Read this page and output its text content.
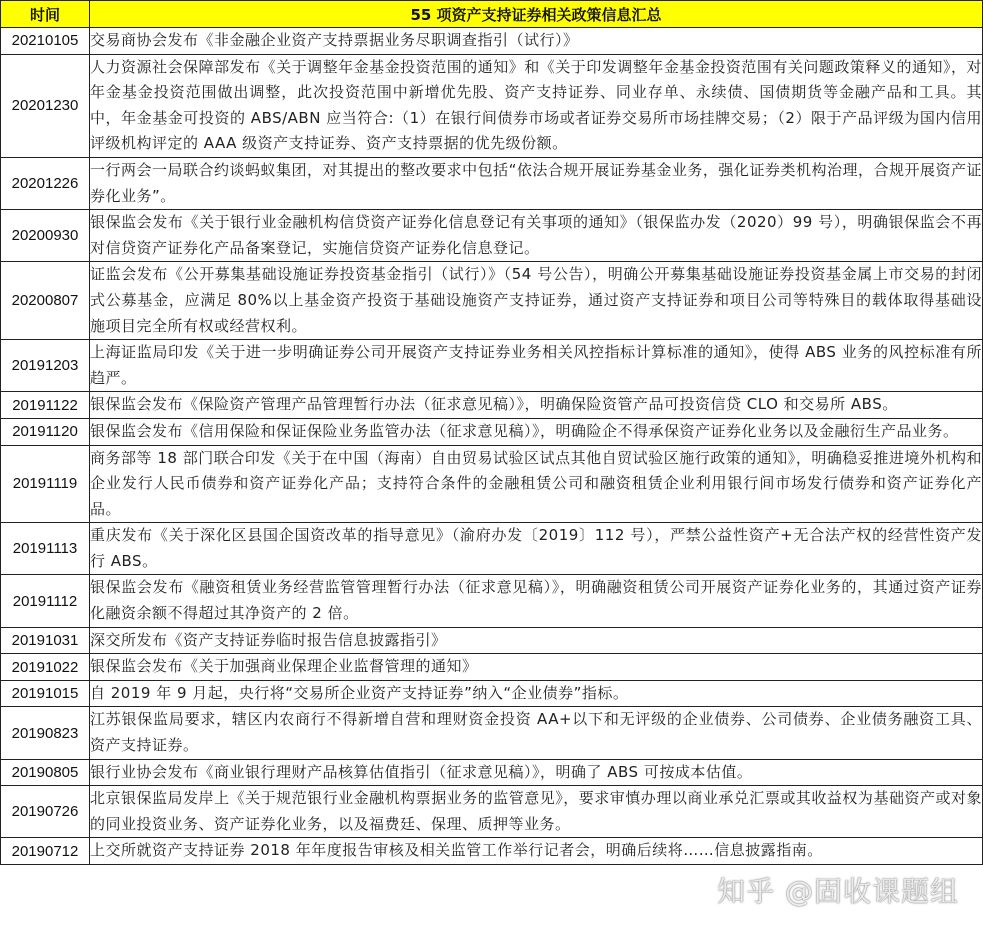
时间	55 项资产支持证券相关政策信息汇总
20210105	交易商协会发布《非金融企业资产支持票据业务尽职调查指引（试行）》
20201230	人力资源社会保障部发布《关于调整年金基金投资范围的通知》和《关于印发调整年金基金投资范围有关问题政策释义的通知》，对年金基金投资范围做出调整，此次投资范围中新增优先股、资产支持证券、同业存单、永续债、国债期货等金融产品和工具。其中，年金基金可投资的 ABS/ABN 应当符合:（1）在银行间债券市场或者证券交易所市场挂牌交易；（2）限于产品评级为国内信用评级机构评定的 AAA 级资产支持证券、资产支持票据的优先级份额。
20201226	一行两会一局联合约谈蚂蚁集团，对其提出的整改要求中包括“依法合规开展证券基金业务，强化证券类机构治理，合规开展资产证券化业务”。
20200930	银保监会发布《关于银行业金融机构信贷资产证券化信息登记有关事项的通知》（银保监办发（2020）99 号），明确银保监会不再对信贷资产证券化产品备案登记，实施信贷资产证券化信息登记。
20200807	证监会发布《公开募集基础设施证券投资基金指引（试行）》（54 号公告），明确公开募集基础设施证券投资基金属上市交易的封闭式公募基金，应满足 80%以上基金资产投资于基础设施资产支持证券，通过资产支持证券和项目公司等特殊目的载体取得基础设施项目完全所有权或经营权利。
20191203	上海证监局印发《关于进一步明确证券公司开展资产支持证券业务相关风控指标计算标准的通知》，使得 ABS 业务的风控标准有所趋严。
20191122	银保监会发布《保险资产管理产品管理暂行办法（征求意见稿）》，明确保险资管产品可投资信贷 CLO 和交易所 ABS。
20191120	银保监会发布《信用保险和保证保险业务监管办法（征求意见稿）》，明确险企不得承保资产证券化业务以及金融衍生产品业务。
20191119	商务部等 18 部门联合印发《关于在中国（海南）自由贸易试验区试点其他自贸试验区施行政策的通知》，明确稳妥推进境外机构和企业发行人民币债券和资产证券化产品；支持符合条件的金融租赁公司和融资租赁企业利用银行间市场发行债券和资产证券化产品。
20191113	重庆发布《关于深化区县国企国资改革的指导意见》（渝府办发〔2019〕112 号），严禁公益性资产+无合法产权的经营性资产发行 ABS。
20191112	银保监会发布《融资租赁业务经营监管管理暂行办法（征求意见稿）》，明确融资租赁公司开展资产证券化业务的，其通过资产证券化融资余额不得超过其净资产的 2 倍。
20191031	深交所发布《资产支持证券临时报告信息披露指引》
20191022	银保监会发布《关于加强商业保理企业监督管理的通知》
20191015	自 2019 年 9 月起，央行将“交易所企业资产支持证券”纳入“企业债券”指标。
20190823	江苏银保监局要求，辖区内农商行不得新增自营和理财资金投资 AA+以下和无评级的企业债券、公司债券、企业债务融资工具、资产支持证券。
20190805	银行业协会发布《商业银行理财产品核算估值指引（征求意见稿）》，明确了 ABS 可按成本估值。
20190726	北京银保监局发岸上《关于规范银行业金融机构票据业务的监管意见》，要求审慎办理以商业承兑汇票或其收益权为基础资产或对象的同业投资业务、资产证券化业务，以及福费廷、保理、质押等业务。
20190712	上交所就资产支持证券 2018 年年度报告审核及相关监管工作举行记者会，明确后续将……信息披露指南。
知乎 @固收课题组
